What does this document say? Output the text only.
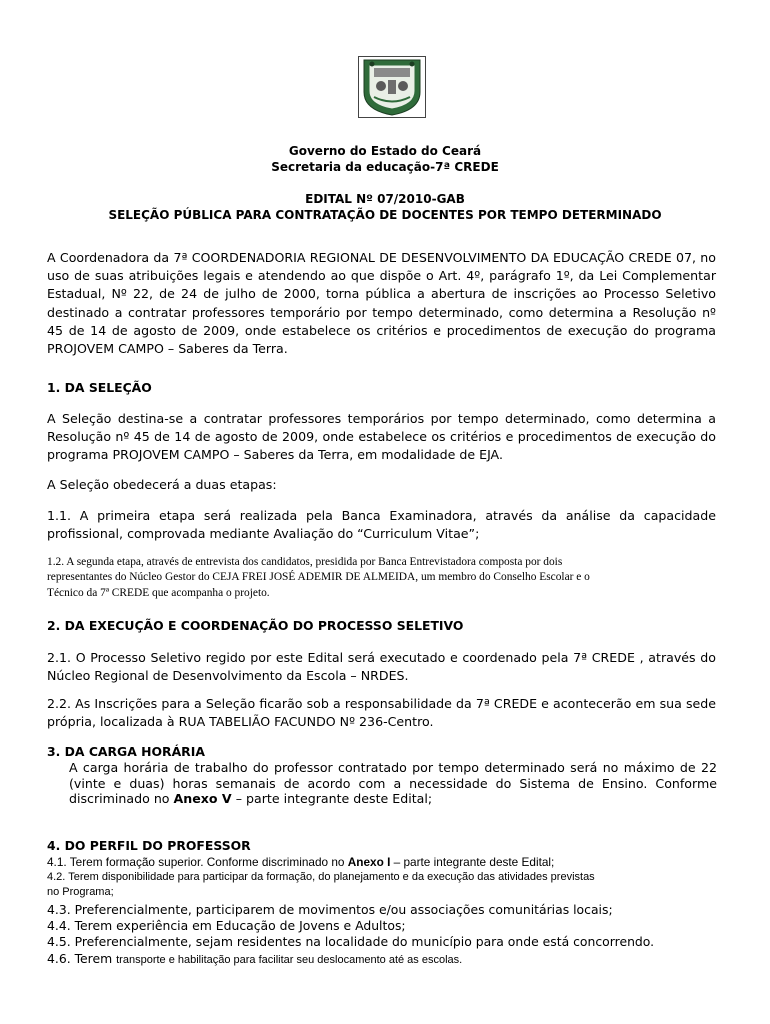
Governo do Estado do Ceará
Secretaria da educação-7ª CREDE
EDITAL Nº 07/2010-GAB
SELEÇÃO PÚBLICA PARA CONTRATAÇÃO DE DOCENTES POR TEMPO DETERMINADO
A Coordenadora da 7ª COORDENADORIA REGIONAL DE DESENVOLVIMENTO DA EDUCAÇÃO CREDE 07, no uso de suas atribuições legais e atendendo ao que dispõe o Art. 4º, parágrafo 1º, da Lei Complementar Estadual, Nº 22, de 24 de julho de 2000, torna pública a abertura de inscrições ao Processo Seletivo destinado a contratar professores temporário por tempo determinado, como determina a Resolução nº 45 de 14 de agosto de 2009, onde estabelece os critérios e procedimentos de execução do programa PROJOVEM CAMPO – Saberes da Terra.
1. DA SELEÇÃO
A Seleção destina-se a contratar professores temporários por tempo determinado, como determina a Resolução nº 45 de 14 de agosto de 2009, onde estabelece os critérios e procedimentos de execução do programa PROJOVEM CAMPO – Saberes da Terra, em modalidade de EJA.
A Seleção obedecerá a duas etapas:
1.1. A primeira etapa será realizada pela Banca Examinadora, através da análise da capacidade profissional, comprovada mediante Avaliação do “Curriculum Vitae”;
1.2. A segunda etapa, através de entrevista dos candidatos, presidida por Banca Entrevistadora composta por dois
representantes do Núcleo Gestor do CEJA FREI JOSÉ ADEMIR DE ALMEIDA, um membro do Conselho Escolar e o
Técnico da 7ª CREDE que acompanha o projeto.
2. DA EXECUÇÃO E COORDENAÇÃO DO PROCESSO SELETIVO
2.1. O Processo Seletivo regido por este Edital será executado e coordenado pela 7ª CREDE , através do Núcleo Regional de Desenvolvimento da Escola – NRDES.
2.2. As Inscrições para a Seleção ficarão sob a responsabilidade da 7ª CREDE e acontecerão em sua sede própria, localizada à RUA TABELIÃO FACUNDO Nº 236-Centro.
3. DA CARGA HORÁRIA
A carga horária de trabalho do professor contratado por tempo determinado será no máximo de 22 (vinte e duas) horas semanais de acordo com a necessidade do Sistema de Ensino. Conforme discriminado no Anexo V – parte integrante deste Edital;
4. DO PERFIL DO PROFESSOR
4.1. Terem formação superior. Conforme discriminado no Anexo I – parte integrante deste Edital;
4.2. Terem disponibilidade para participar da formação, do planejamento e da execução das atividades previstas
no Programa;
4.3. Preferencialmente, participarem de movimentos e/ou associações comunitárias locais;
4.4. Terem experiência em Educação de Jovens e Adultos;
4.5. Preferencialmente, sejam residentes na localidade do município para onde está concorrendo.
4.6. Terem transporte e habilitação para facilitar seu deslocamento até as escolas.
